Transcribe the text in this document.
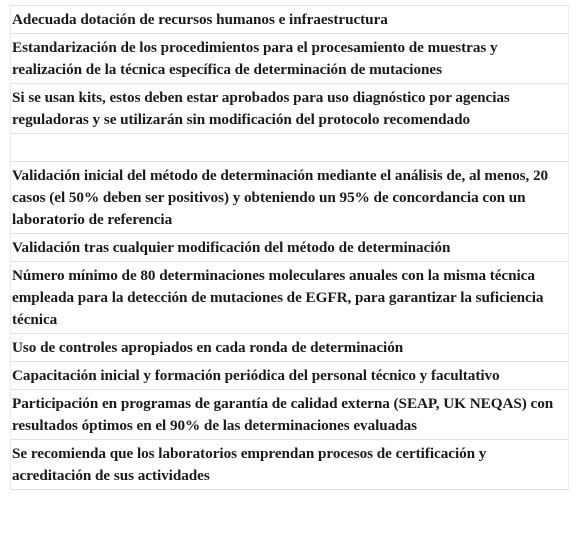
Adecuada dotación de recursos humanos e infraestructura
Estandarización de los procedimientos para el procesamiento de muestras y realización de la técnica específica de determinación de mutaciones
Si se usan kits, estos deben estar aprobados para uso diagnóstico por agencias reguladoras y se utilizarán sin modificación del protocolo recomendado
Validación inicial del método de determinación mediante el análisis de, al menos, 20 casos (el 50% deben ser positivos) y obteniendo un 95% de concordancia con un laboratorio de referencia
Validación tras cualquier modificación del método de determinación
Número mínimo de 80 determinaciones moleculares anuales con la misma técnica empleada para la detección de mutaciones de EGFR, para garantizar la suficiencia técnica
Uso de controles apropiados en cada ronda de determinación
Capacitación inicial y formación periódica del personal técnico y facultativo
Participación en programas de garantía de calidad externa (SEAP, UK NEQAS) con resultados óptimos en el 90% de las determinaciones evaluadas
Se recomienda que los laboratorios emprendan procesos de certificación y acreditación de sus actividades
